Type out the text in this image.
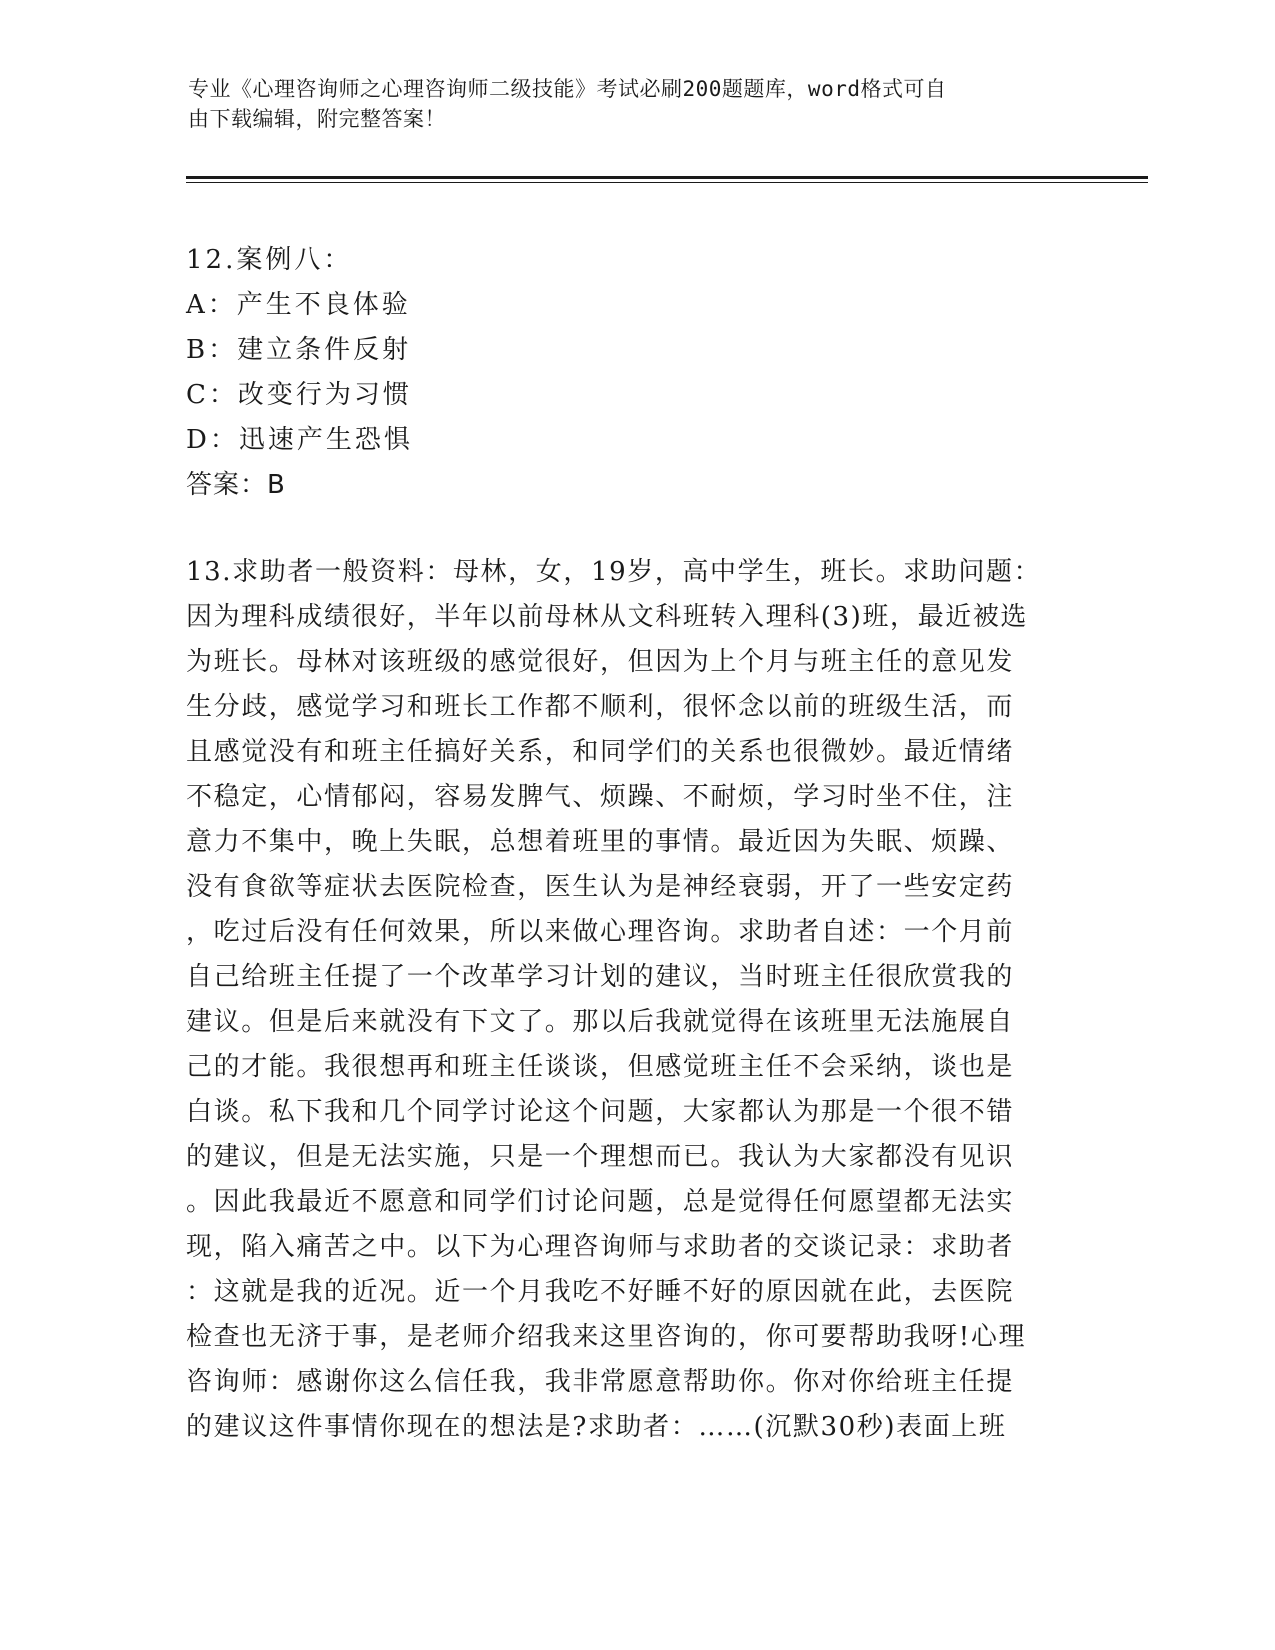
专业《心理咨询师之心理咨询师二级技能》考试必刷200题题库，word格式可自
由下载编辑，附完整答案！
12.案例八：
A：产生不良体验
B：建立条件反射
C：改变行为习惯
D：迅速产生恐惧
答案：B
13.求助者一般资料：母林，女，19岁，高中学生，班长。求助问题：
因为理科成绩很好，半年以前母林从文科班转入理科(3)班，最近被选
为班长。母林对该班级的感觉很好，但因为上个月与班主任的意见发
生分歧，感觉学习和班长工作都不顺利，很怀念以前的班级生活，而
且感觉没有和班主任搞好关系，和同学们的关系也很微妙。最近情绪
不稳定，心情郁闷，容易发脾气、烦躁、不耐烦，学习时坐不住，注
意力不集中，晚上失眠，总想着班里的事情。最近因为失眠、烦躁、
没有食欲等症状去医院检查，医生认为是神经衰弱，开了一些安定药
，吃过后没有任何效果，所以来做心理咨询。求助者自述：一个月前
自己给班主任提了一个改革学习计划的建议，当时班主任很欣赏我的
建议。但是后来就没有下文了。那以后我就觉得在该班里无法施展自
己的才能。我很想再和班主任谈谈，但感觉班主任不会采纳，谈也是
白谈。私下我和几个同学讨论这个问题，大家都认为那是一个很不错
的建议，但是无法实施，只是一个理想而已。我认为大家都没有见识
。因此我最近不愿意和同学们讨论问题，总是觉得任何愿望都无法实
现，陷入痛苦之中。以下为心理咨询师与求助者的交谈记录：求助者
：这就是我的近况。近一个月我吃不好睡不好的原因就在此，去医院
检查也无济于事，是老师介绍我来这里咨询的，你可要帮助我呀!心理
咨询师：感谢你这么信任我，我非常愿意帮助你。你对你给班主任提
的建议这件事情你现在的想法是?求助者：……(沉默30秒)表面上班
